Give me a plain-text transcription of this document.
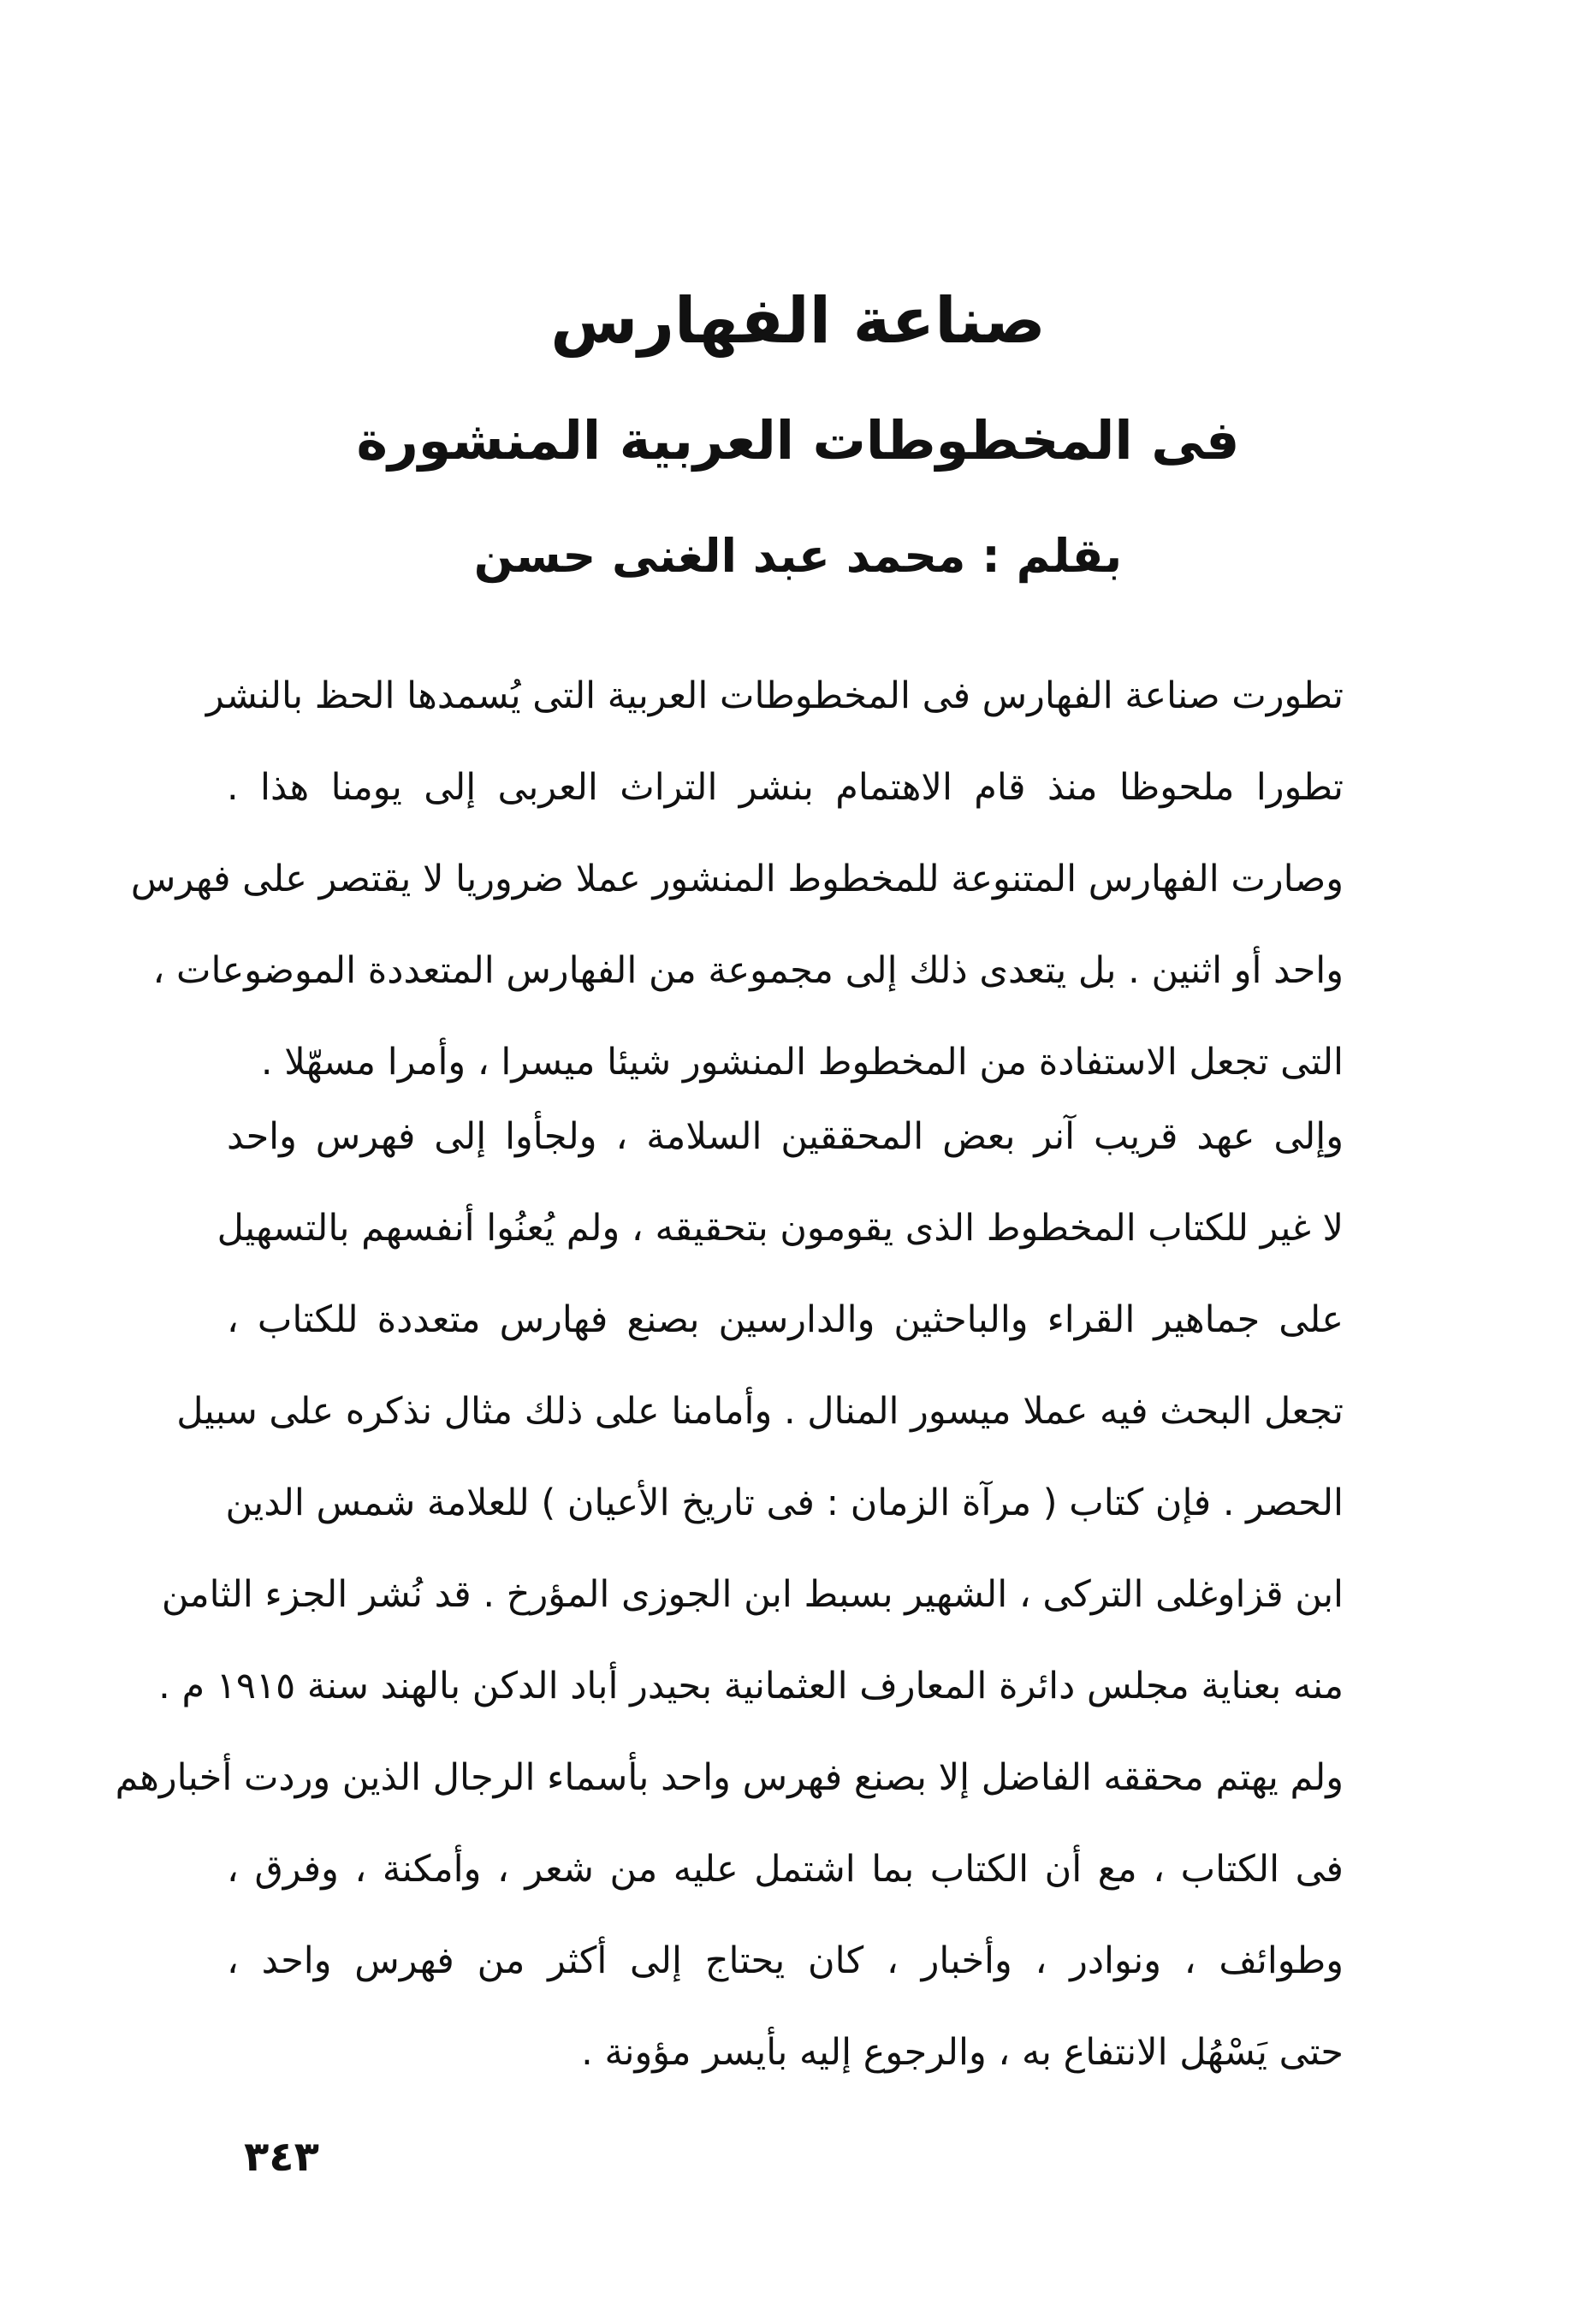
صناعة الفهارس
فى المخطوطات العربية المنشورة
بقلم : محمد عبد الغنى حسن
تطورت صناعة الفهارس فى المخطوطات العربية التى يُسمدها الحظ بالنشر
تطورا ملحوظا منذ قام الاهتمام بنشر التراث العربى إلى يومنا هذا .
وصارت الفهارس المتنوعة للمخطوط المنشور عملا ضروريا لا يقتصر على فهرس
واحد أو اثنين . بل يتعدى ذلك إلى مجموعة من الفهارس المتعددة الموضوعات ،
التى تجعل الاستفادة من المخطوط المنشور شيئا ميسرا ، وأمرا مسهّلا .
وإلى عهد قريب آنر بعض المحققين السلامة ، ولجأوا إلى فهرس واحد
لا غير للكتاب المخطوط الذى يقومون بتحقيقه ، ولم يُعنُوا أنفسهم بالتسهيل
على جماهير القراء والباحثين والدارسين بصنع فهارس متعددة للكتاب ،
تجعل البحث فيه عملا ميسور المنال . وأمامنا على ذلك مثال نذكره على سبيل
الحصر . فإن كتاب ( مرآة الزمان : فى تاريخ الأعيان ) للعلامة شمس الدين
ابن قزاوغلى التركى ، الشهير بسبط ابن الجوزى المؤرخ . قد نُشر الجزء الثامن
منه بعناية مجلس دائرة المعارف العثمانية بحيدر أباد الدكن بالهند سنة ١٩١٥ م .
ولم يهتم محققه الفاضل إلا بصنع فهرس واحد بأسماء الرجال الذين وردت أخبارهم
فى الكتاب ، مع أن الكتاب بما اشتمل عليه من شعر ، وأمكنة ، وفرق ،
وطوائف ، ونوادر ، وأخبار ، كان يحتاج إلى أكثر من فهرس واحد ،
حتى يَسْهُل الانتفاع به ، والرجوع إليه بأيسر مؤونة .
٣٤٣
